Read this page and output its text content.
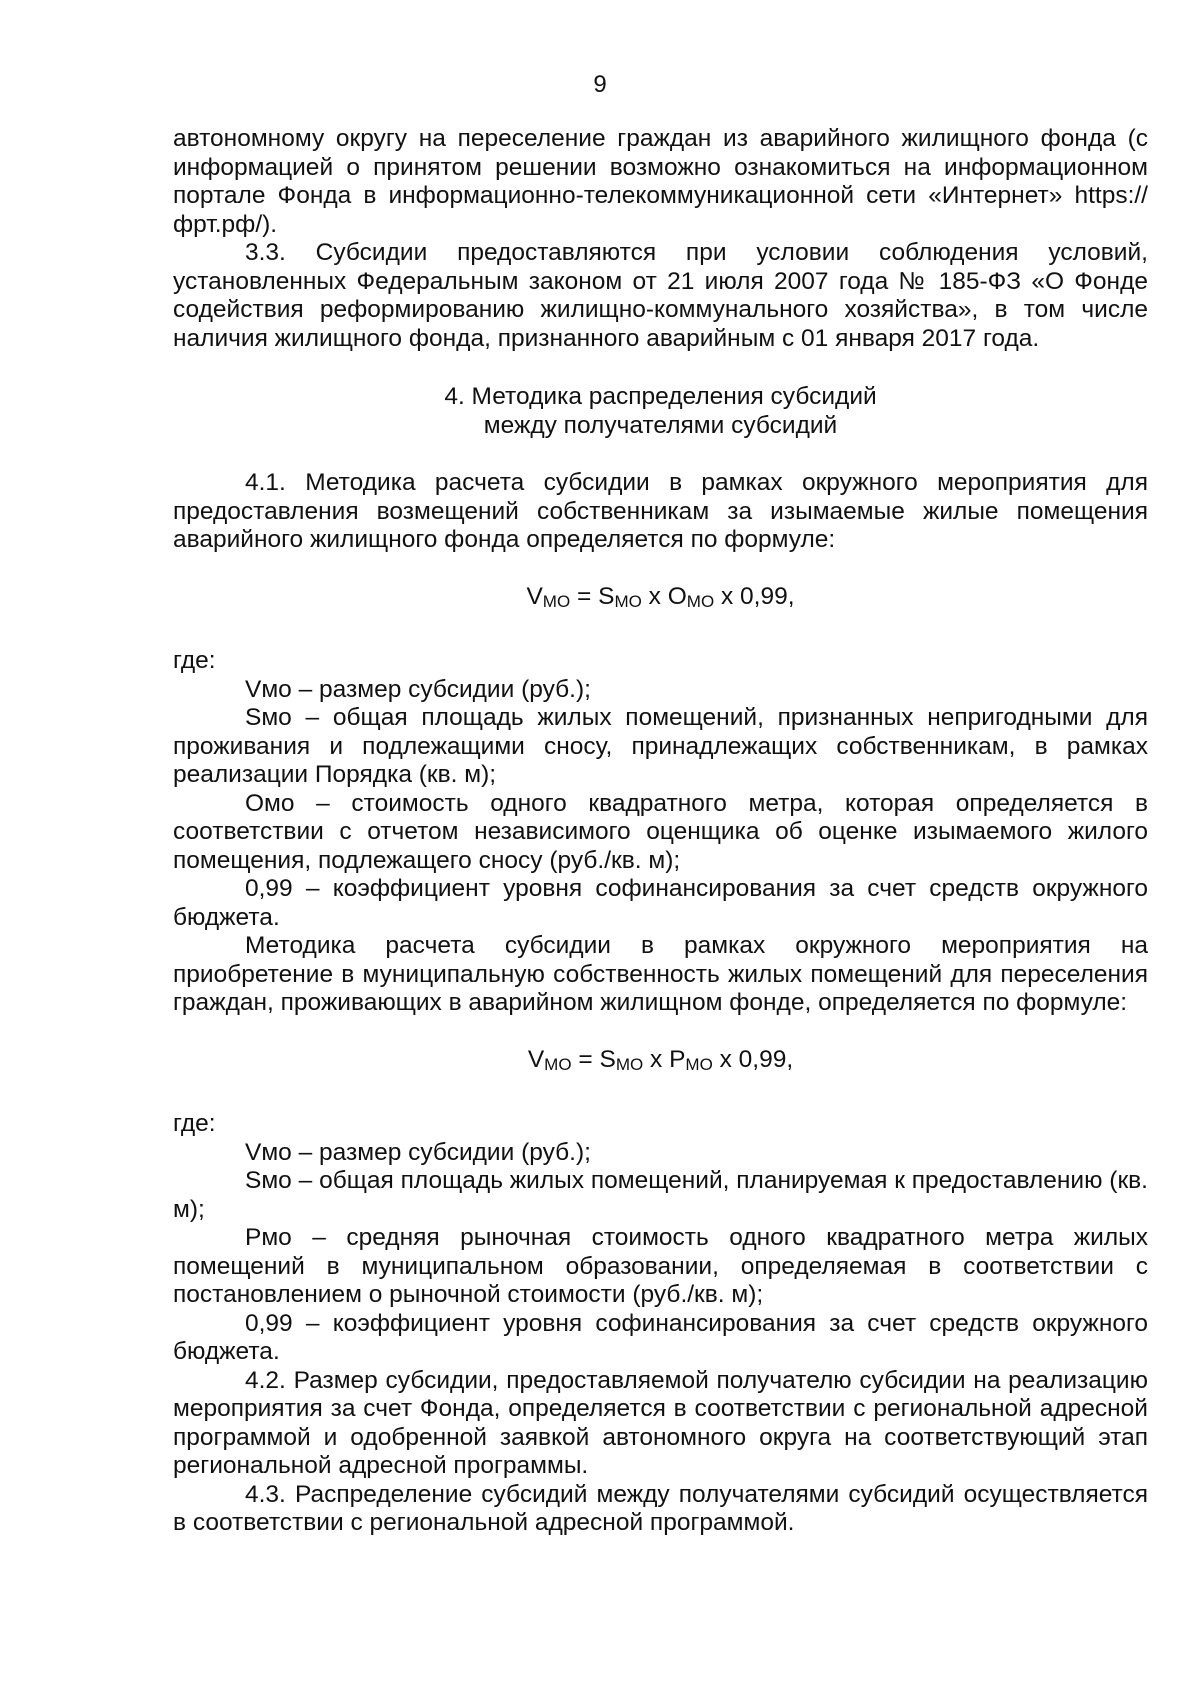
9

автономному округу на переселение граждан из аварийного жилищного фонда (с информацией о принятом решении возможно ознакомиться на информационном портале Фонда в информационно-телекоммуникационной сети «Интернет» https://фрт.рф/).

3.3. Субсидии предоставляются при условии соблюдения условий, установленных Федеральным законом от 21 июля 2007 года № 185-ФЗ «О Фонде содействия реформированию жилищно-коммунального хозяйства», в том числе наличия жилищного фонда, признанного аварийным с 01 января 2017 года.

4. Методика распределения субсидий
между получателями субсидий

4.1. Методика расчета субсидии в рамках окружного мероприятия для предоставления возмещений собственникам за изымаемые жилые помещения аварийного жилищного фонда определяется по формуле:

$V_{МО} = S_{МО}$ x $O_{МО}$ x 0,99,

где:

Vмо – размер субсидии (руб.);

Sмо – общая площадь жилых помещений, признанных непригодными для проживания и подлежащими сносу, принадлежащих собственникам, в рамках реализации Порядка (кв. м);

Омо – стоимость одного квадратного метра, которая определяется в соответствии с отчетом независимого оценщика об оценке изымаемого жилого помещения, подлежащего сносу (руб./кв. м);

0,99 – коэффициент уровня софинансирования за счет средств окружного бюджета.

Методика расчета субсидии в рамках окружного мероприятия на приобретение в муниципальную собственность жилых помещений для переселения граждан, проживающих в аварийном жилищном фонде, определяется по формуле:

$V_{МО} = S_{МО}$ x $P_{МО}$ x 0,99,

где:

Vмо – размер субсидии (руб.);

Sмо – общая площадь жилых помещений, планируемая к предоставлению (кв. м);

Рмо – средняя рыночная стоимость одного квадратного метра жилых помещений в муниципальном образовании, определяемая в соответствии с постановлением о рыночной стоимости (руб./кв. м);

0,99 – коэффициент уровня софинансирования за счет средств окружного бюджета.

4.2. Размер субсидии, предоставляемой получателю субсидии на реализацию мероприятия за счет Фонда, определяется в соответствии с региональной адресной программой и одобренной заявкой автономного округа на соответствующий этап региональной адресной программы.

4.3. Распределение субсидий между получателями субсидий осуществляется в соответствии с региональной адресной программой.
